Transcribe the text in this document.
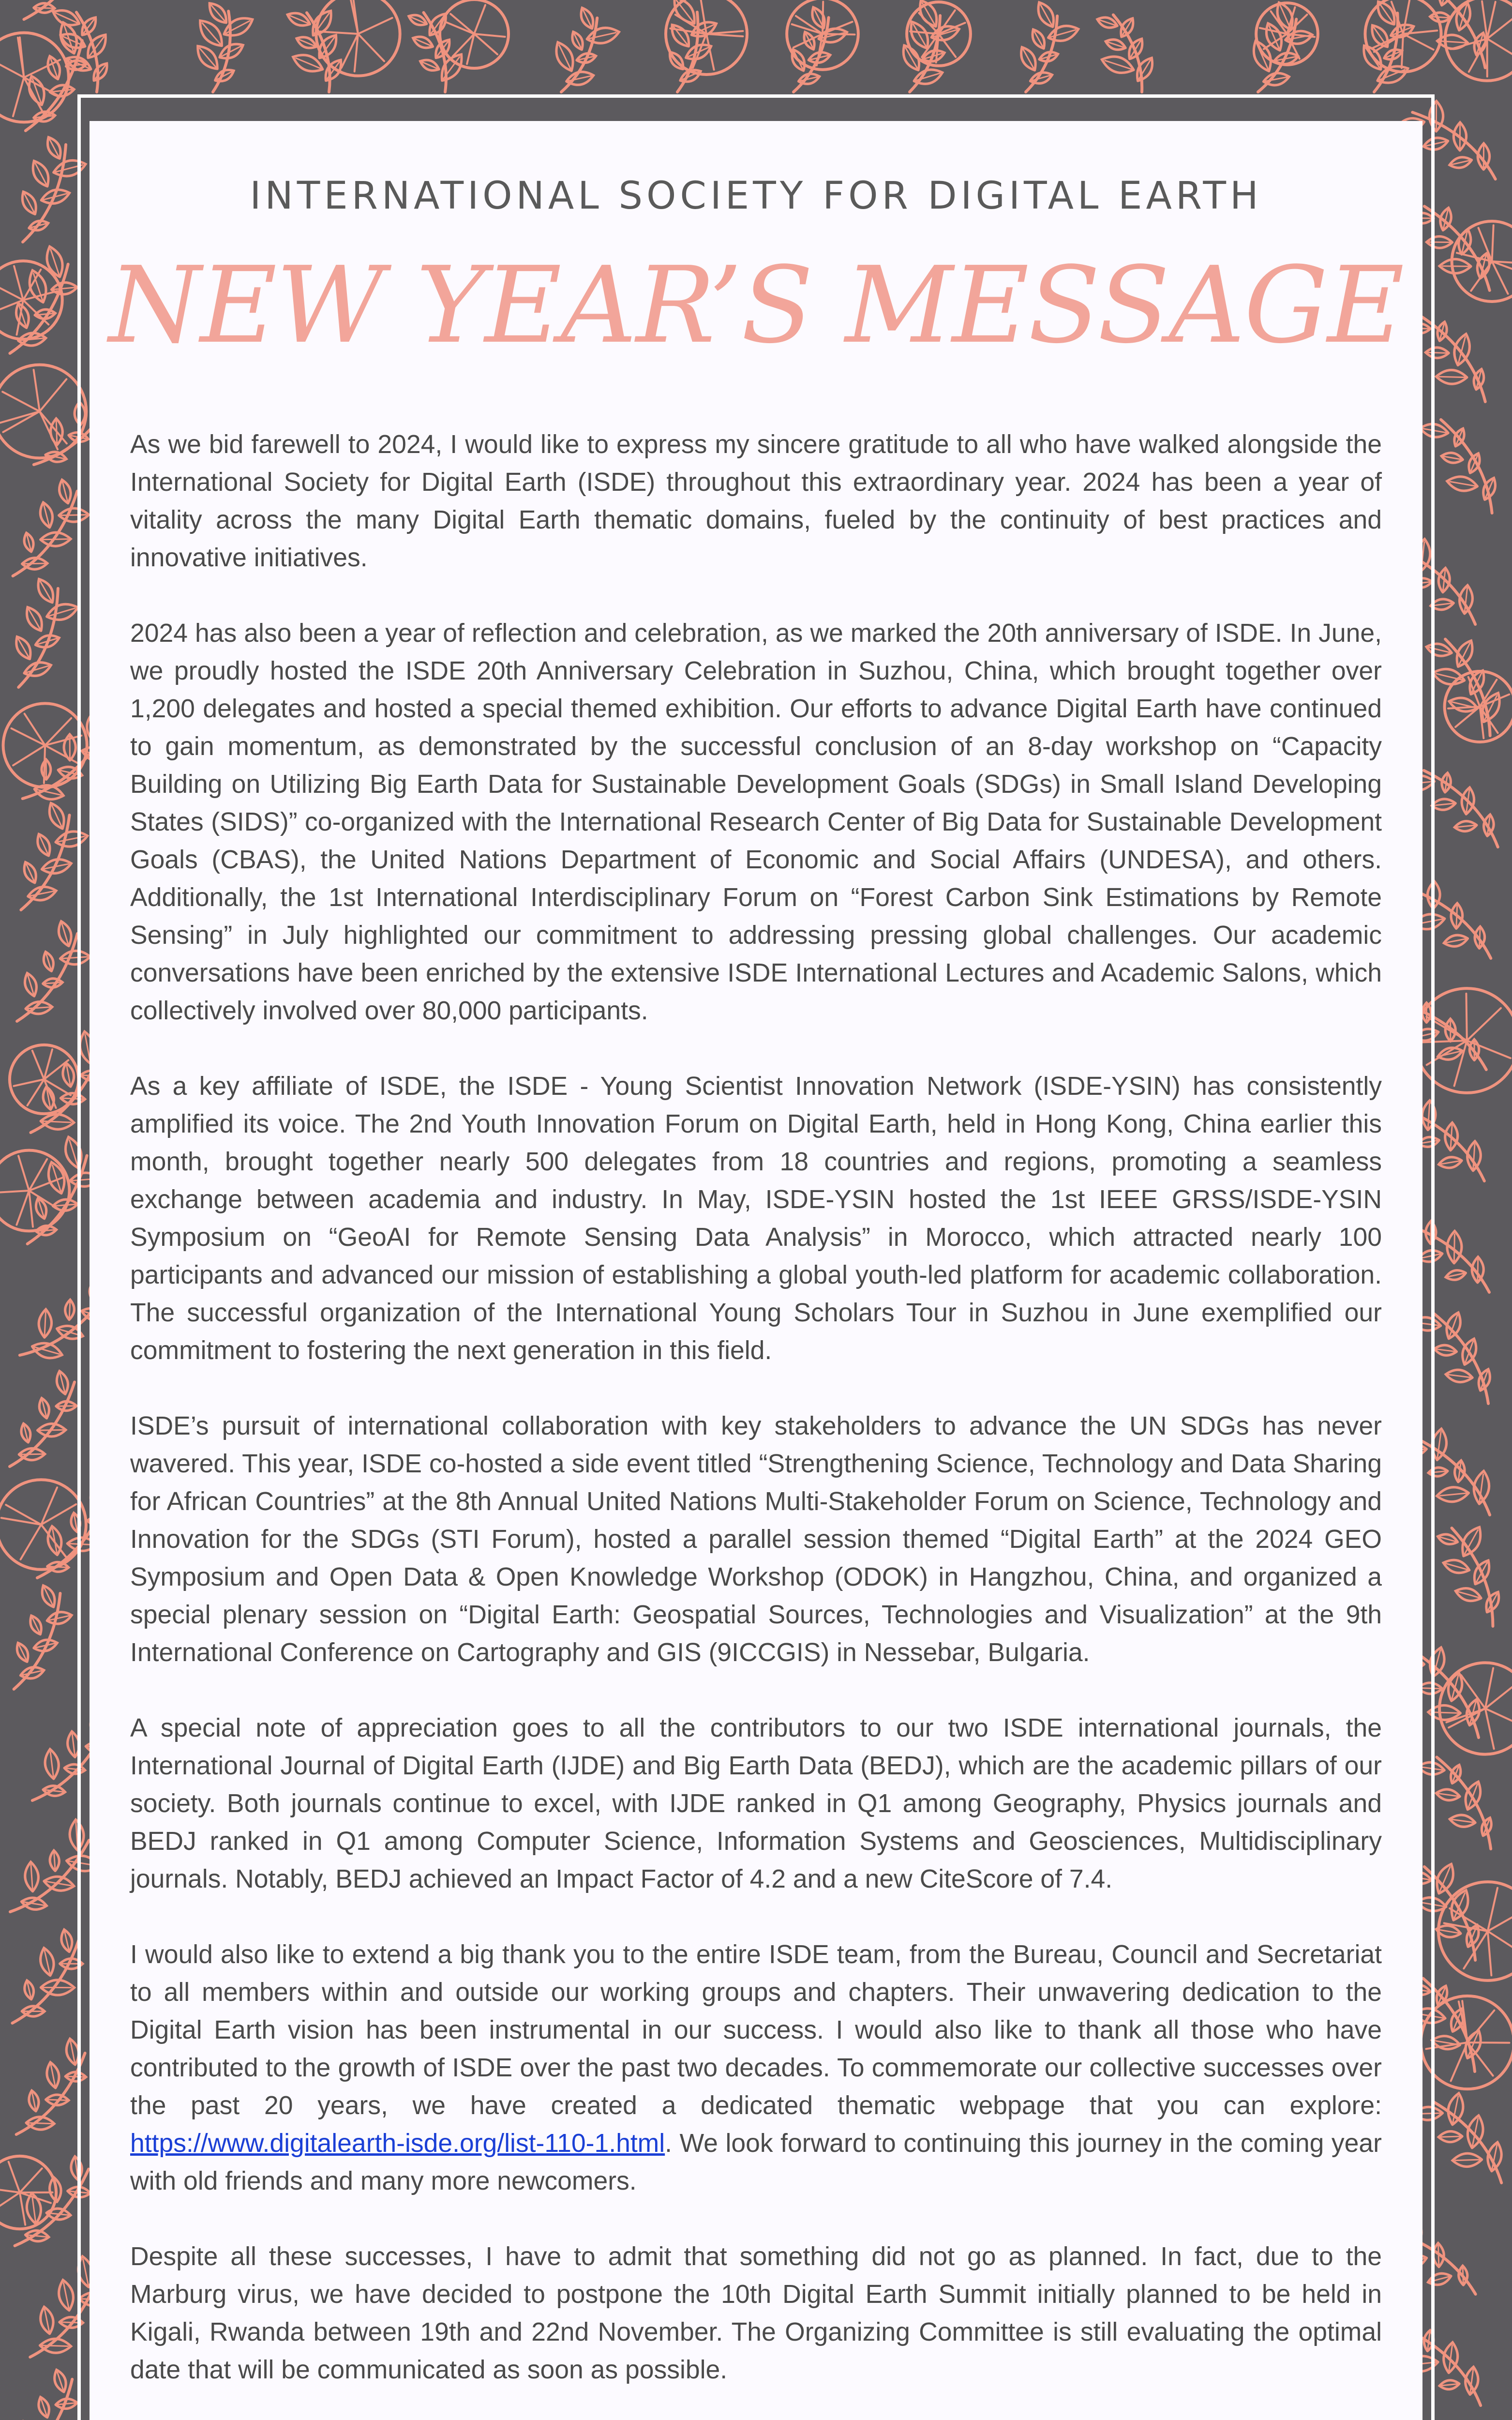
INTERNATIONAL SOCIETY FOR DIGITAL EARTH
NEW YEAR’S MESSAGE

As we bid farewell to 2024, I would like to express my sincere gratitude to all who have walked alongside the International Society for Digital Earth (ISDE) throughout this extraordinary year. 2024 has been a year of vitality across the many Digital Earth thematic domains, fueled by the continuity of best practices and innovative initiatives.

2024 has also been a year of reflection and celebration, as we marked the 20th anniversary of ISDE. In June, we proudly hosted the ISDE 20th Anniversary Celebration in Suzhou, China, which brought together over 1,200 delegates and hosted a special themed exhibition. Our efforts to advance Digital Earth have continued to gain momentum, as demonstrated by the successful conclusion of an 8-day workshop on “Capacity Building on Utilizing Big Earth Data for Sustainable Development Goals (SDGs) in Small Island Developing States (SIDS)” co-organized with the International Research Center of Big Data for Sustainable Development Goals (CBAS), the United Nations Department of Economic and Social Affairs (UNDESA), and others. Additionally, the 1st International Interdisciplinary Forum on “Forest Carbon Sink Estimations by Remote Sensing” in July highlighted our commitment to addressing pressing global challenges. Our academic conversations have been enriched by the extensive ISDE International Lectures and Academic Salons, which collectively involved over 80,000 participants.

As a key affiliate of ISDE, the ISDE - Young Scientist Innovation Network (ISDE-YSIN) has consistently amplified its voice. The 2nd Youth Innovation Forum on Digital Earth, held in Hong Kong, China earlier this month, brought together nearly 500 delegates from 18 countries and regions, promoting a seamless exchange between academia and industry. In May, ISDE-YSIN hosted the 1st IEEE GRSS/ISDE-YSIN Symposium on “GeoAI for Remote Sensing Data Analysis” in Morocco, which attracted nearly 100 participants and advanced our mission of establishing a global youth-led platform for academic collaboration. The successful organization of the International Young Scholars Tour in Suzhou in June exemplified our commitment to fostering the next generation in this field.

ISDE’s pursuit of international collaboration with key stakeholders to advance the UN SDGs has never wavered. This year, ISDE co-hosted a side event titled “Strengthening Science, Technology and Data Sharing for African Countries” at the 8th Annual United Nations Multi-Stakeholder Forum on Science, Technology and Innovation for the SDGs (STI Forum), hosted a parallel session themed “Digital Earth” at the 2024 GEO Symposium and Open Data & Open Knowledge Workshop (ODOK) in Hangzhou, China, and organized a special plenary session on “Digital Earth: Geospatial Sources, Technologies and Visualization” at the 9th International Conference on Cartography and GIS (9ICCGIS) in Nessebar, Bulgaria.

A special note of appreciation goes to all the contributors to our two ISDE international journals, the International Journal of Digital Earth (IJDE) and Big Earth Data (BEDJ), which are the academic pillars of our society. Both journals continue to excel, with IJDE ranked in Q1 among Geography, Physics journals and BEDJ ranked in Q1 among Computer Science, Information Systems and Geosciences, Multidisciplinary journals. Notably, BEDJ achieved an Impact Factor of 4.2 and a new CiteScore of 7.4.

I would also like to extend a big thank you to the entire ISDE team, from the Bureau, Council and Secretariat to all members within and outside our working groups and chapters. Their unwavering dedication to the Digital Earth vision has been instrumental in our success. I would also like to thank all those who have contributed to the growth of ISDE over the past two decades. To commemorate our collective successes over the past 20 years, we have created a dedicated thematic webpage that you can explore: https://www.digitalearth-isde.org/list-110-1.html. We look forward to continuing this journey in the coming year with old friends and many more newcomers.

Despite all these successes, I have to admit that something did not go as planned. In fact, due to the Marburg virus, we have decided to postpone the 10th Digital Earth Summit initially planned to be held in Kigali, Rwanda between 19th and 22nd November. The Organizing Committee is still evaluating the optimal date that will be communicated as soon as possible.
